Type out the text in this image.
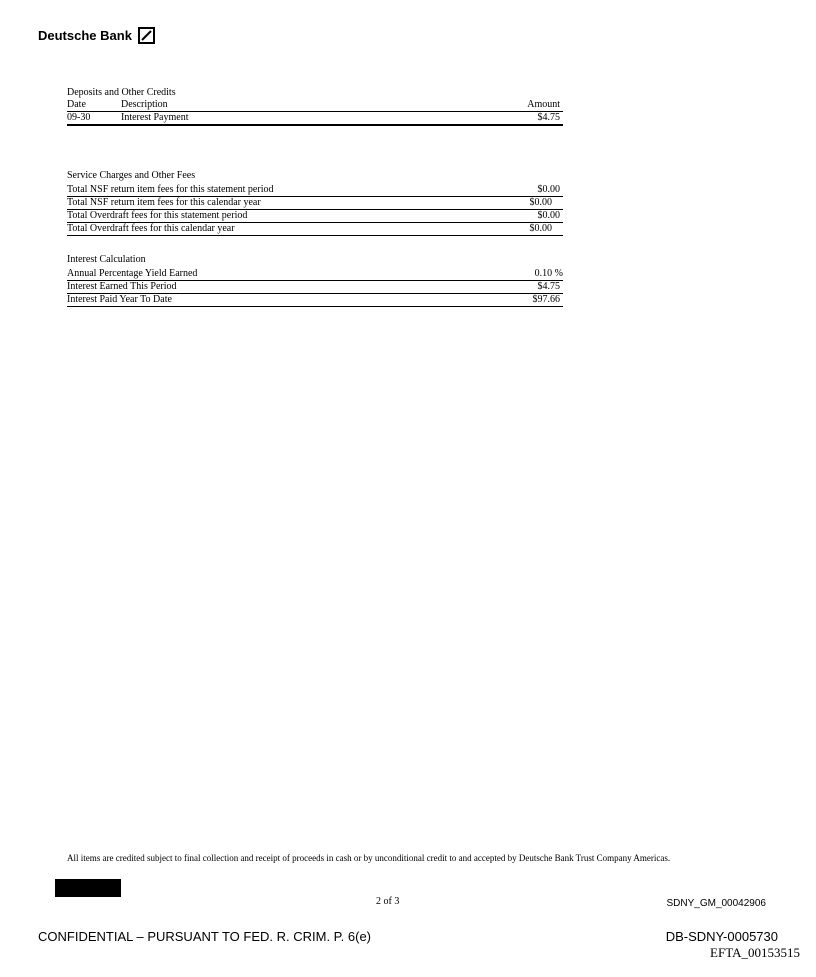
Deutsche Bank
Deposits and Other Credits
Date	Description	Amount
09-30	Interest Payment	$4.75
Service Charges and Other Fees
Total NSF return item fees for this statement period	$0.00
Total NSF return item fees for this calendar year	$0.00
Total Overdraft fees for this statement period	$0.00
Total Overdraft fees for this calendar year	$0.00
Interest Calculation
Annual Percentage Yield Earned	0.10 %
Interest Earned This Period	$4.75
Interest Paid Year To Date	$97.66
All items are credited subject to final collection and receipt of proceeds in cash or by unconditional credit to and accepted by Deutsche Bank Trust Company Americas.
2 of 3	SDNY_GM_00042906
CONFIDENTIAL – PURSUANT TO FED. R. CRIM. P. 6(e)	DB-SDNY-0005730
EFTA_00153515
